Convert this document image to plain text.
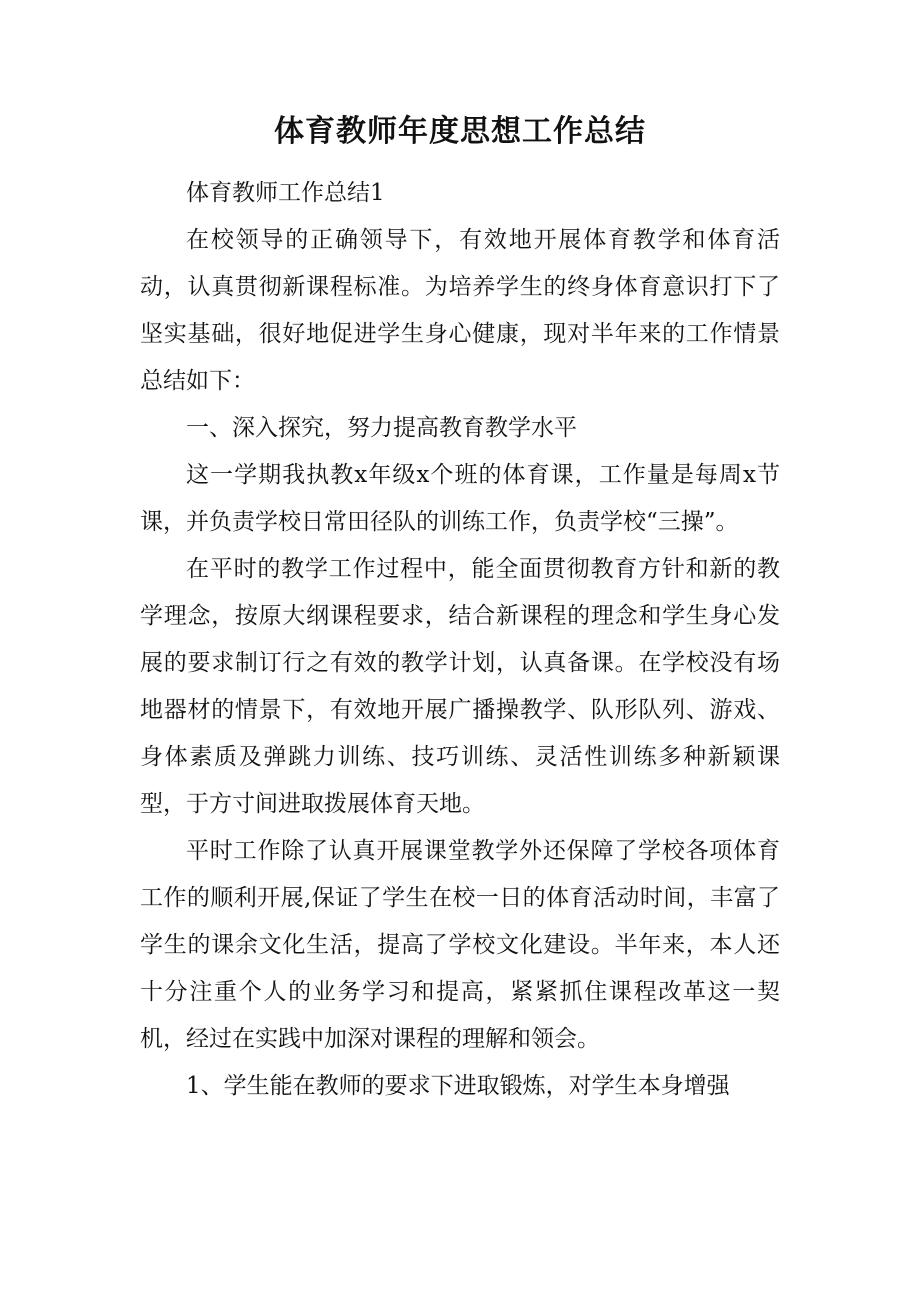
体育教师年度思想工作总结

体育教师工作总结1

在校领导的正确领导下，有效地开展体育教学和体育活动，认真贯彻新课程标准。为培养学生的终身体育意识打下了坚实基础，很好地促进学生身心健康，现对半年来的工作情景总结如下：

一、深入探究，努力提高教育教学水平

这一学期我执教x年级x个班的体育课，工作量是每周x节课，并负责学校日常田径队的训练工作，负责学校“三操”。

在平时的教学工作过程中，能全面贯彻教育方针和新的教学理念，按原大纲课程要求，结合新课程的理念和学生身心发展的要求制订行之有效的教学计划，认真备课。在学校没有场地器材的情景下，有效地开展广播操教学、队形队列、游戏、身体素质及弹跳力训练、技巧训练、灵活性训练多种新颖课型，于方寸间进取拨展体育天地。

平时工作除了认真开展课堂教学外还保障了学校各项体育工作的顺利开展,保证了学生在校一日的体育活动时间，丰富了学生的课余文化生活，提高了学校文化建设。半年来，本人还十分注重个人的业务学习和提高，紧紧抓住课程改革这一契机，经过在实践中加深对课程的理解和领会。

1、学生能在教师的要求下进取锻炼，对学生本身增强
